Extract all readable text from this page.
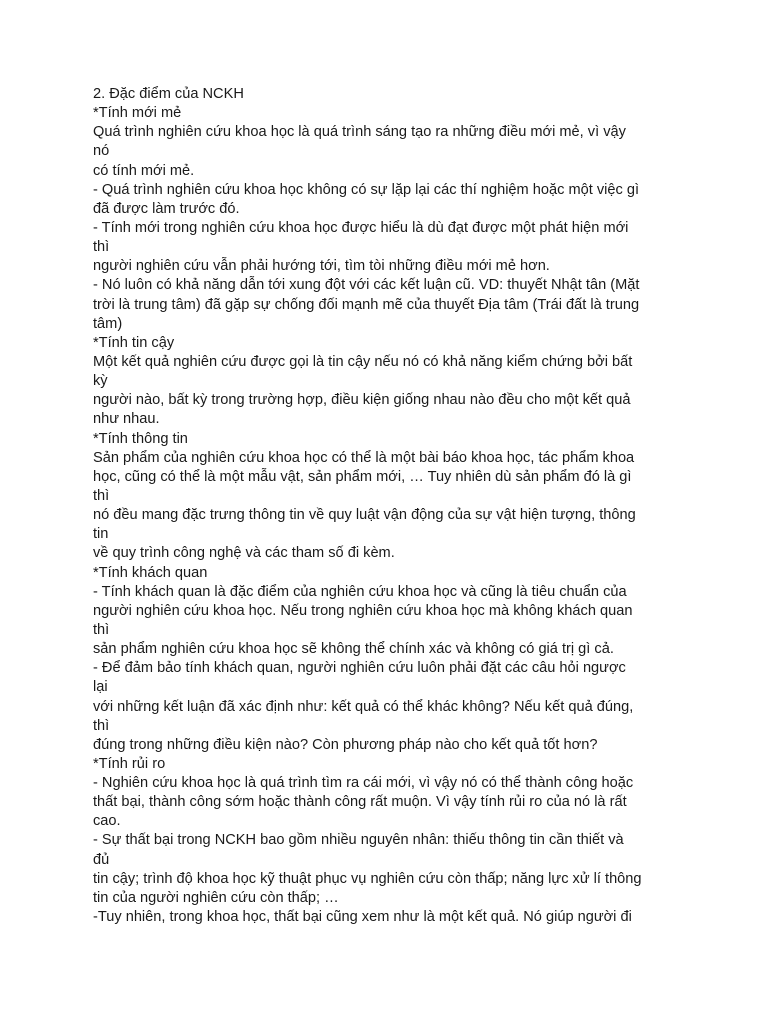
2. Đặc điểm của NCKH
*Tính mới mẻ
Quá trình nghiên cứu khoa học là quá trình sáng tạo ra những điều mới mẻ, vì vậy
nó
có tính mới mẻ.
- Quá trình nghiên cứu khoa học không có sự lặp lại các thí nghiệm hoặc một việc gì
đã được làm trước đó.
- Tính mới trong nghiên cứu khoa học được hiểu là dù đạt được một phát hiện mới
thì
người nghiên cứu vẫn phải hướng tới, tìm tòi những điều mới mẻ hơn.
- Nó luôn có khả năng dẫn tới xung đột với các kết luận cũ. VD: thuyết Nhật tân (Mặt
trời là trung tâm) đã gặp sự chống đối mạnh mẽ của thuyết Địa tâm (Trái đất là trung
tâm)
*Tính tin cậy
Một kết quả nghiên cứu được gọi là tin cậy nếu nó có khả năng kiểm chứng bởi bất
kỳ
người nào, bất kỳ trong trường hợp, điều kiện giống nhau nào đều cho một kết quả
như nhau.
*Tính thông tin
Sản phẩm của nghiên cứu khoa học có thể là một bài báo khoa học, tác phẩm khoa
học, cũng có thể là một mẫu vật, sản phẩm mới, … Tuy nhiên dù sản phẩm đó là gì
thì
nó đều mang đặc trưng thông tin về quy luật vận động của sự vật hiện tượng, thông
tin
về quy trình công nghệ và các tham số đi kèm.
*Tính khách quan
- Tính khách quan là đặc điểm của nghiên cứu khoa học và cũng là tiêu chuẩn của
người nghiên cứu khoa học. Nếu trong nghiên cứu khoa học mà không khách quan
thì
sản phẩm nghiên cứu khoa học sẽ không thể chính xác và không có giá trị gì cả.
- Để đảm bảo tính khách quan, người nghiên cứu luôn phải đặt các câu hỏi ngược
lại
với những kết luận đã xác định như: kết quả có thể khác không? Nếu kết quả đúng,
thì
đúng trong những điều kiện nào? Còn phương pháp nào cho kết quả tốt hơn?
*Tính rủi ro
- Nghiên cứu khoa học là quá trình tìm ra cái mới, vì vậy nó có thể thành công hoặc
thất bại, thành công sớm hoặc thành công rất muộn. Vì vậy tính rủi ro của nó là rất
cao.
- Sự thất bại trong NCKH bao gồm nhiều nguyên nhân: thiếu thông tin cần thiết và
đủ
tin cậy; trình độ khoa học kỹ thuật phục vụ nghiên cứu còn thấp; năng lực xử lí thông
tin của người nghiên cứu còn thấp; …
-Tuy nhiên, trong khoa học, thất bại cũng xem như là một kết quả. Nó giúp người đi
